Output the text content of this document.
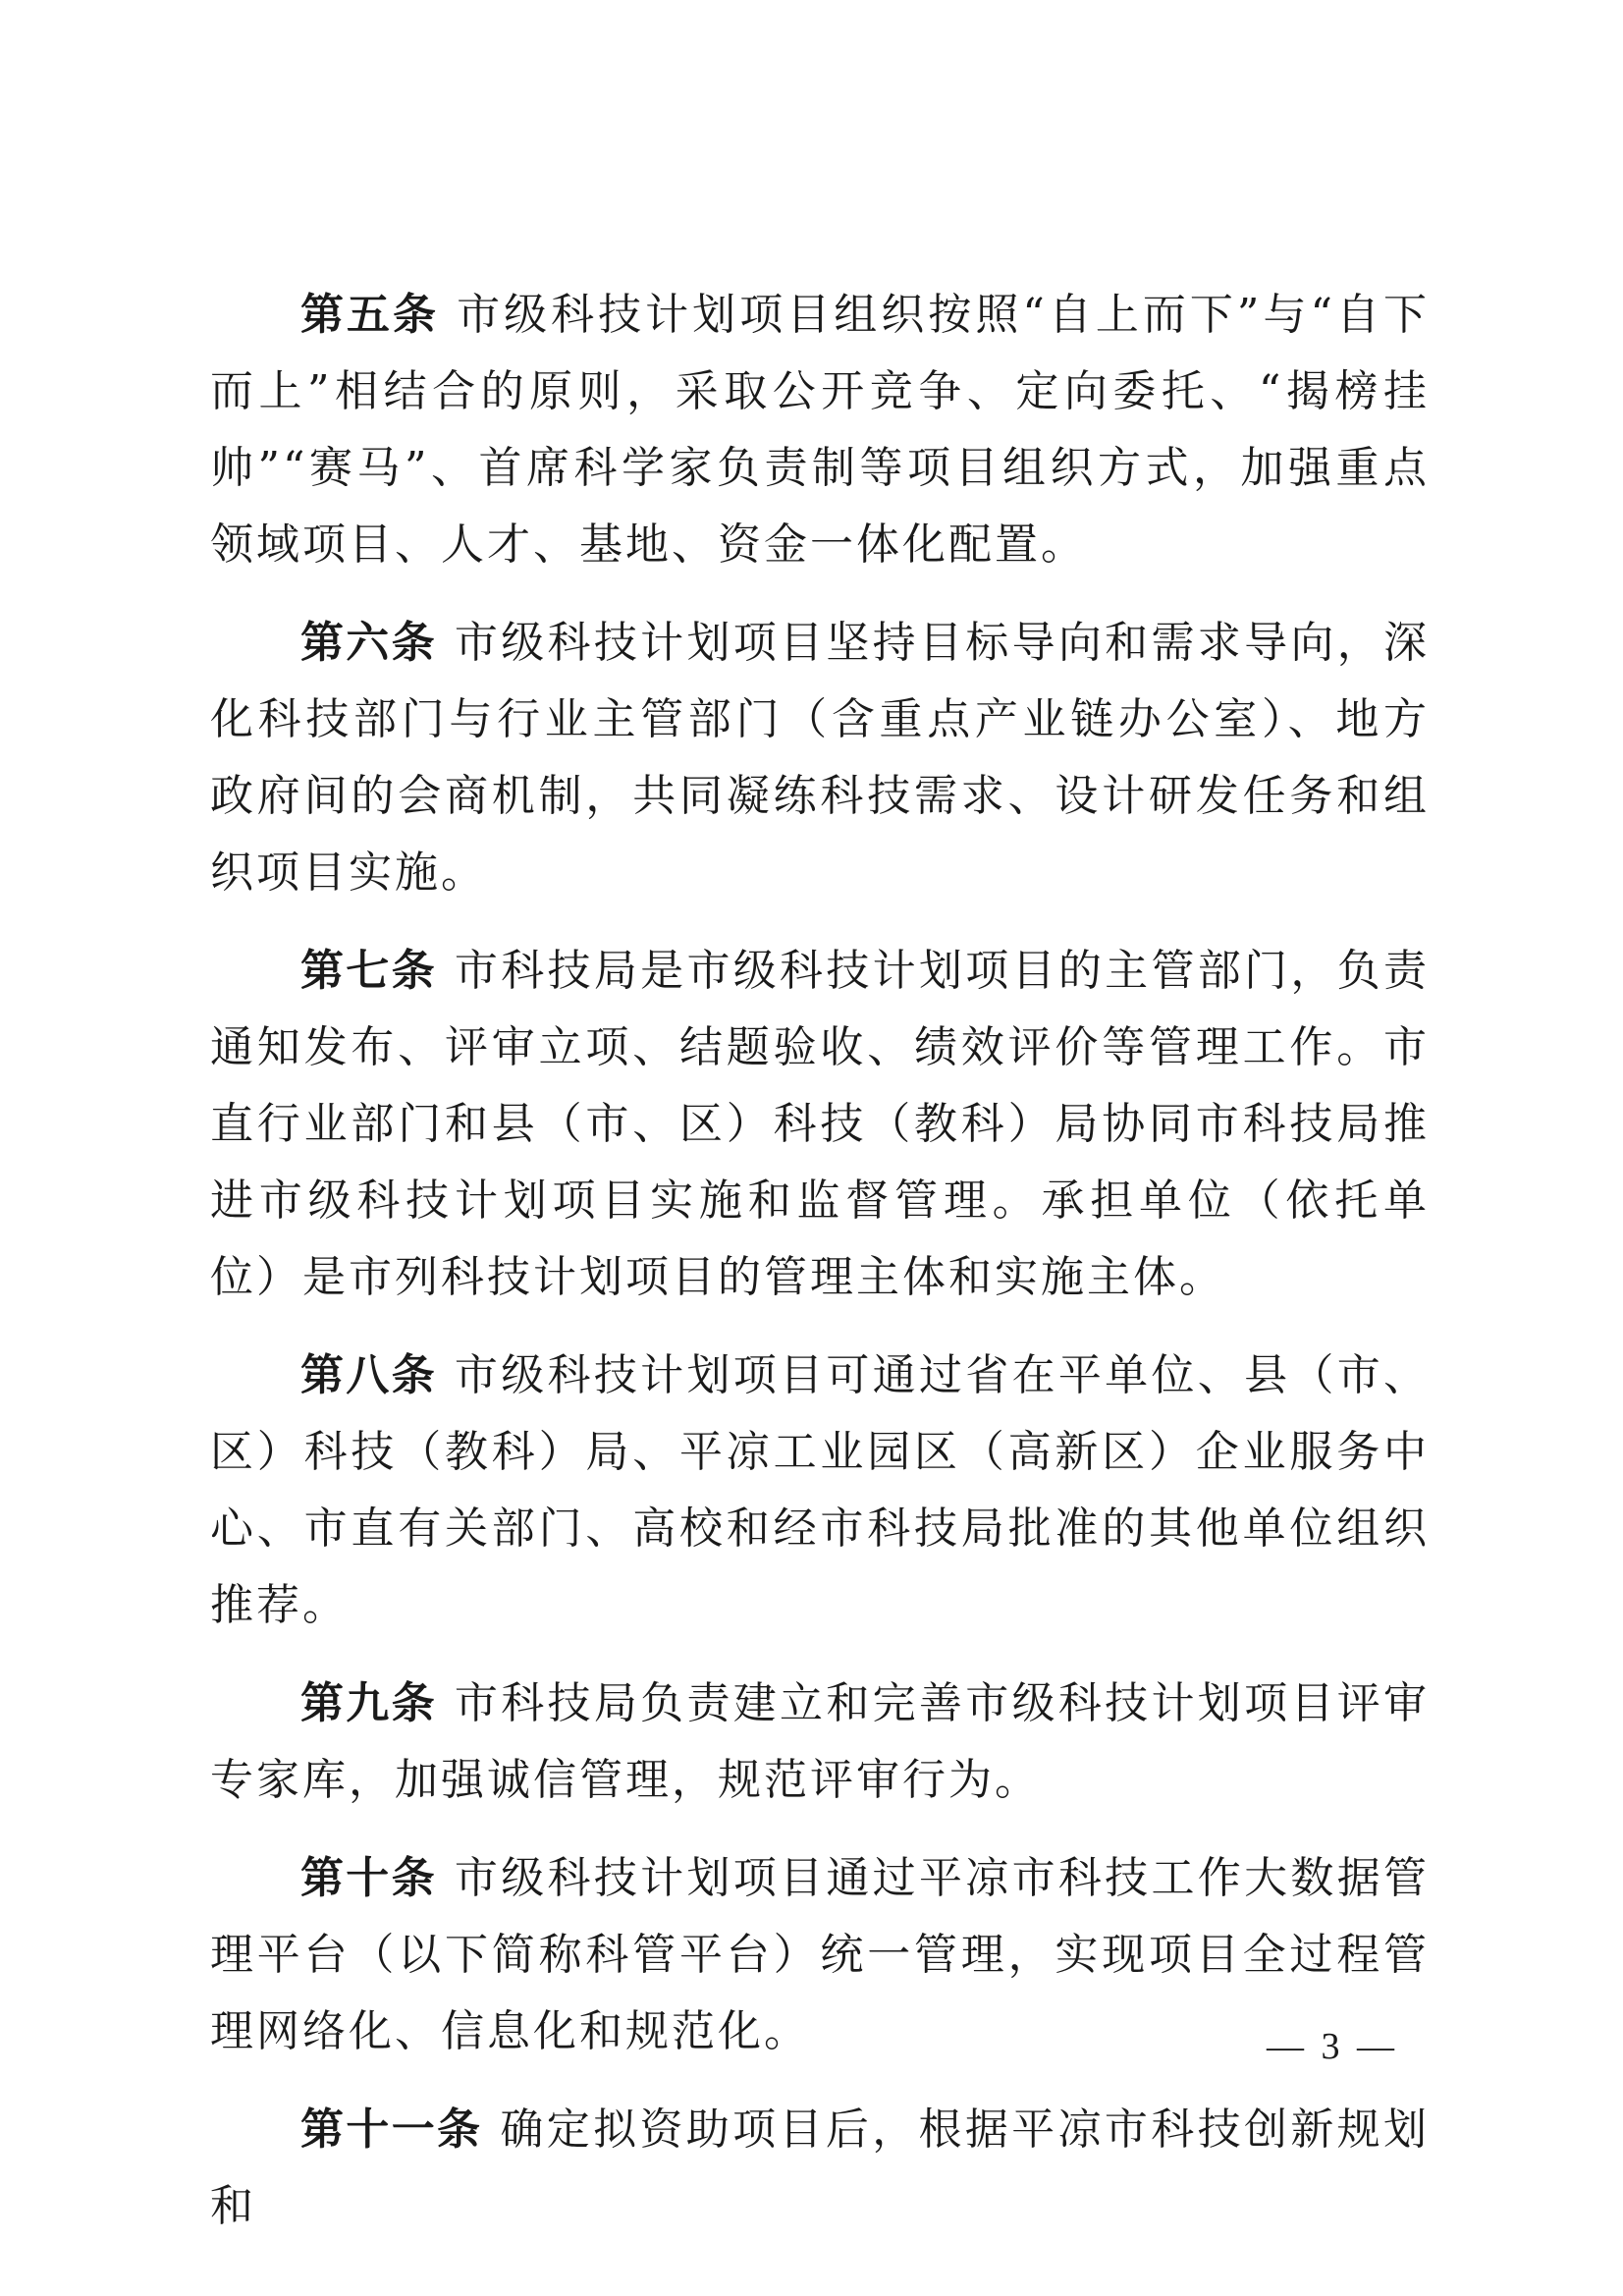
第五条 市级科技计划项目组织按照“自上而下”与“自下而上”相结合的原则，采取公开竞争、定向委托、“揭榜挂帅”“赛马”、首席科学家负责制等项目组织方式，加强重点领域项目、人才、基地、资金一体化配置。

第六条 市级科技计划项目坚持目标导向和需求导向，深化科技部门与行业主管部门（含重点产业链办公室）、地方政府间的会商机制，共同凝练科技需求、设计研发任务和组织项目实施。

第七条 市科技局是市级科技计划项目的主管部门，负责通知发布、评审立项、结题验收、绩效评价等管理工作。市直行业部门和县（市、区）科技（教科）局协同市科技局推进市级科技计划项目实施和监督管理。承担单位（依托单位）是市列科技计划项目的管理主体和实施主体。

第八条 市级科技计划项目可通过省在平单位、县（市、区）科技（教科）局、平凉工业园区（高新区）企业服务中心、市直有关部门、高校和经市科技局批准的其他单位组织推荐。

第九条 市科技局负责建立和完善市级科技计划项目评审专家库，加强诚信管理，规范评审行为。

第十条 市级科技计划项目通过平凉市科技工作大数据管理平台（以下简称科管平台）统一管理，实现项目全过程管理网络化、信息化和规范化。

第十一条 确定拟资助项目后，根据平凉市科技创新规划和

— 3 —
